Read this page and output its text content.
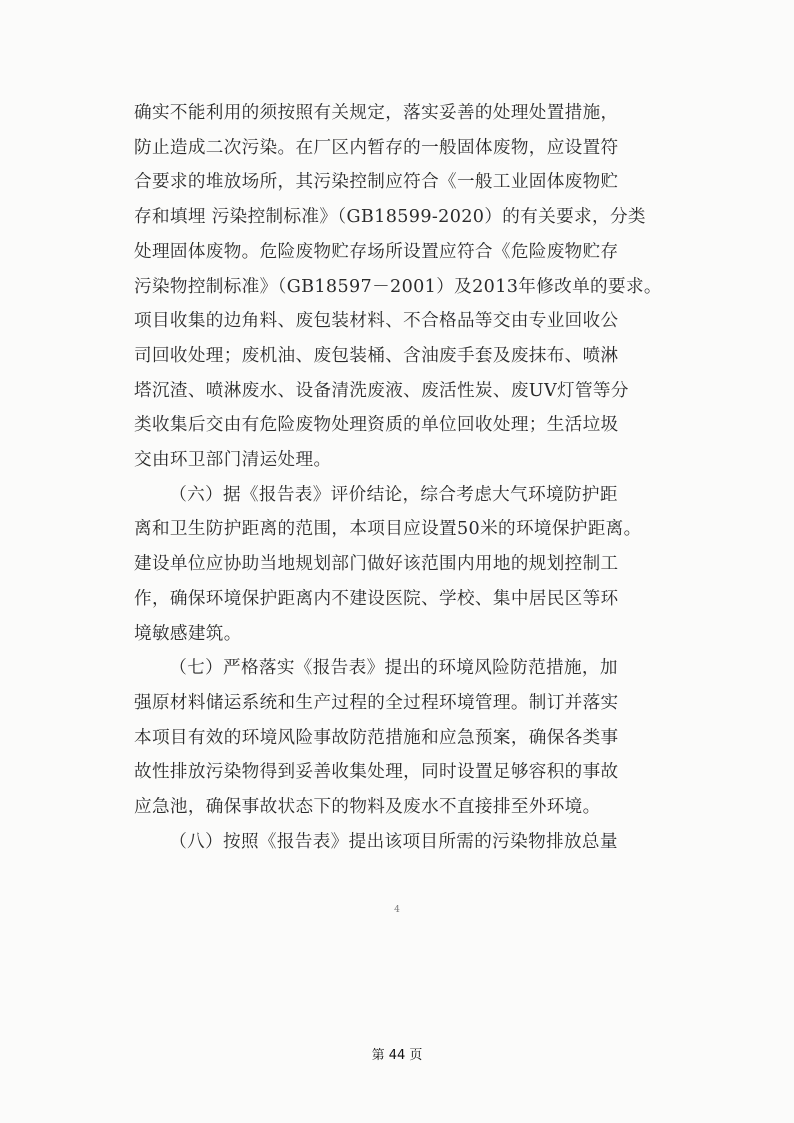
确实不能利用的须按照有关规定，落实妥善的处理处置措施，
防止造成二次污染。在厂区内暂存的一般固体废物，应设置符
合要求的堆放场所，其污染控制应符合《一般工业固体废物贮
存和填埋 污染控制标准》（GB18599-2020）的有关要求，分类
处理固体废物。危险废物贮存场所设置应符合《危险废物贮存
污染物控制标准》（GB18597－2001）及2013年修改单的要求。
项目收集的边角料、废包装材料、不合格品等交由专业回收公
司回收处理；废机油、废包装桶、含油废手套及废抹布、喷淋
塔沉渣、喷淋废水、设备清洗废液、废活性炭、废UV灯管等分
类收集后交由有危险废物处理资质的单位回收处理；生活垃圾
交由环卫部门清运处理。

（六）据《报告表》评价结论，综合考虑大气环境防护距
离和卫生防护距离的范围，本项目应设置50米的环境保护距离。
建设单位应协助当地规划部门做好该范围内用地的规划控制工
作，确保环境保护距离内不建设医院、学校、集中居民区等环
境敏感建筑。

（七）严格落实《报告表》提出的环境风险防范措施，加
强原材料储运系统和生产过程的全过程环境管理。制订并落实
本项目有效的环境风险事故防范措施和应急预案，确保各类事
故性排放污染物得到妥善收集处理，同时设置足够容积的事故
应急池，确保事故状态下的物料及废水不直接排至外环境。

（八）按照《报告表》提出该项目所需的污染物排放总量

4
第 44 页
